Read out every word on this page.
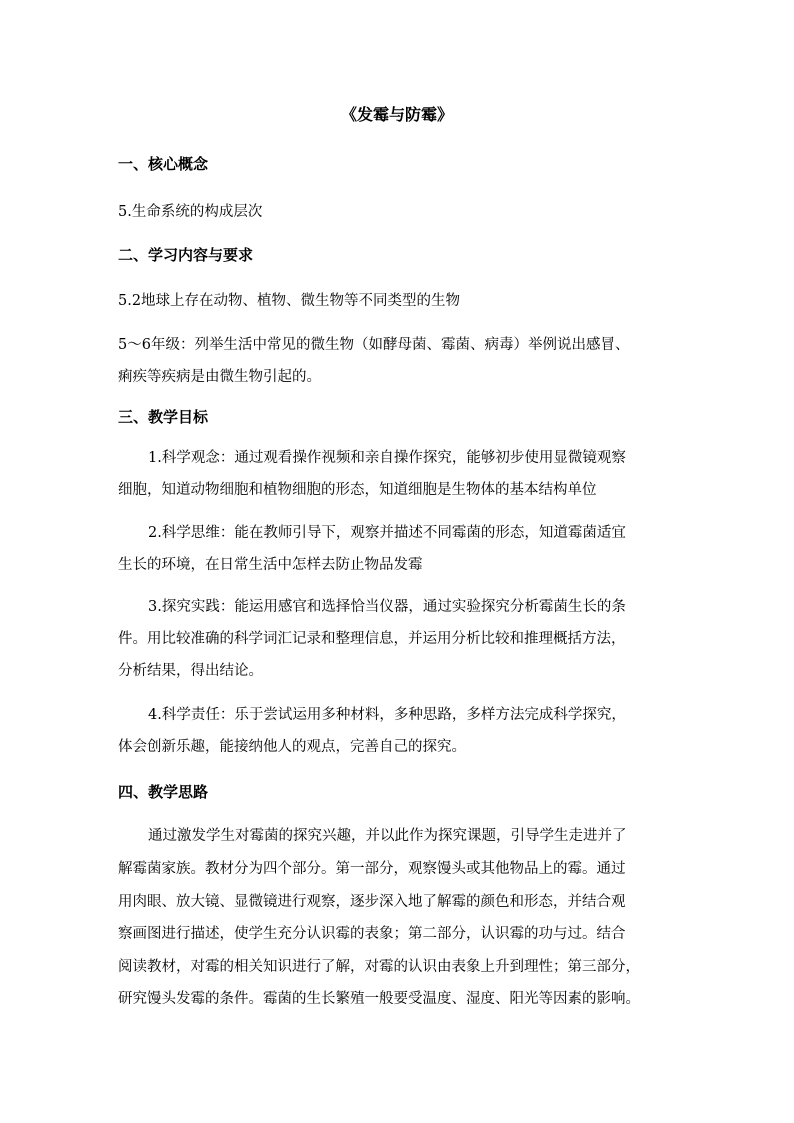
《发霉与防霉》
一、核心概念
5.生命系统的构成层次
二、学习内容与要求
5.2地球上存在动物、植物、微生物等不同类型的生物
5～6年级：列举生活中常见的微生物（如酵母菌、霉菌、病毒）举例说出感冒、
痢疾等疾病是由微生物引起的。
三、教学目标
1.科学观念：通过观看操作视频和亲自操作探究，能够初步使用显微镜观察
细胞，知道动物细胞和植物细胞的形态，知道细胞是生物体的基本结构单位
2.科学思维：能在教师引导下，观察并描述不同霉菌的形态，知道霉菌适宜
生长的环境，在日常生活中怎样去防止物品发霉
3.探究实践：能运用感官和选择恰当仪器，通过实验探究分析霉菌生长的条
件。用比较准确的科学词汇记录和整理信息，并运用分析比较和推理概括方法，
分析结果，得出结论。
4.科学责任：乐于尝试运用多种材料，多种思路，多样方法完成科学探究，
体会创新乐趣，能接纳他人的观点，完善自己的探究。
四、教学思路
通过激发学生对霉菌的探究兴趣，并以此作为探究课题，引导学生走进并了
解霉菌家族。教材分为四个部分。第一部分，观察馒头或其他物品上的霉。通过
用肉眼、放大镜、显微镜进行观察，逐步深入地了解霉的颜色和形态，并结合观
察画图进行描述，使学生充分认识霉的表象；第二部分，认识霉的功与过。结合
阅读教材，对霉的相关知识进行了解，对霉的认识由表象上升到理性；第三部分，
研究馒头发霉的条件。霉菌的生长繁殖一般要受温度、湿度、阳光等因素的影响。
